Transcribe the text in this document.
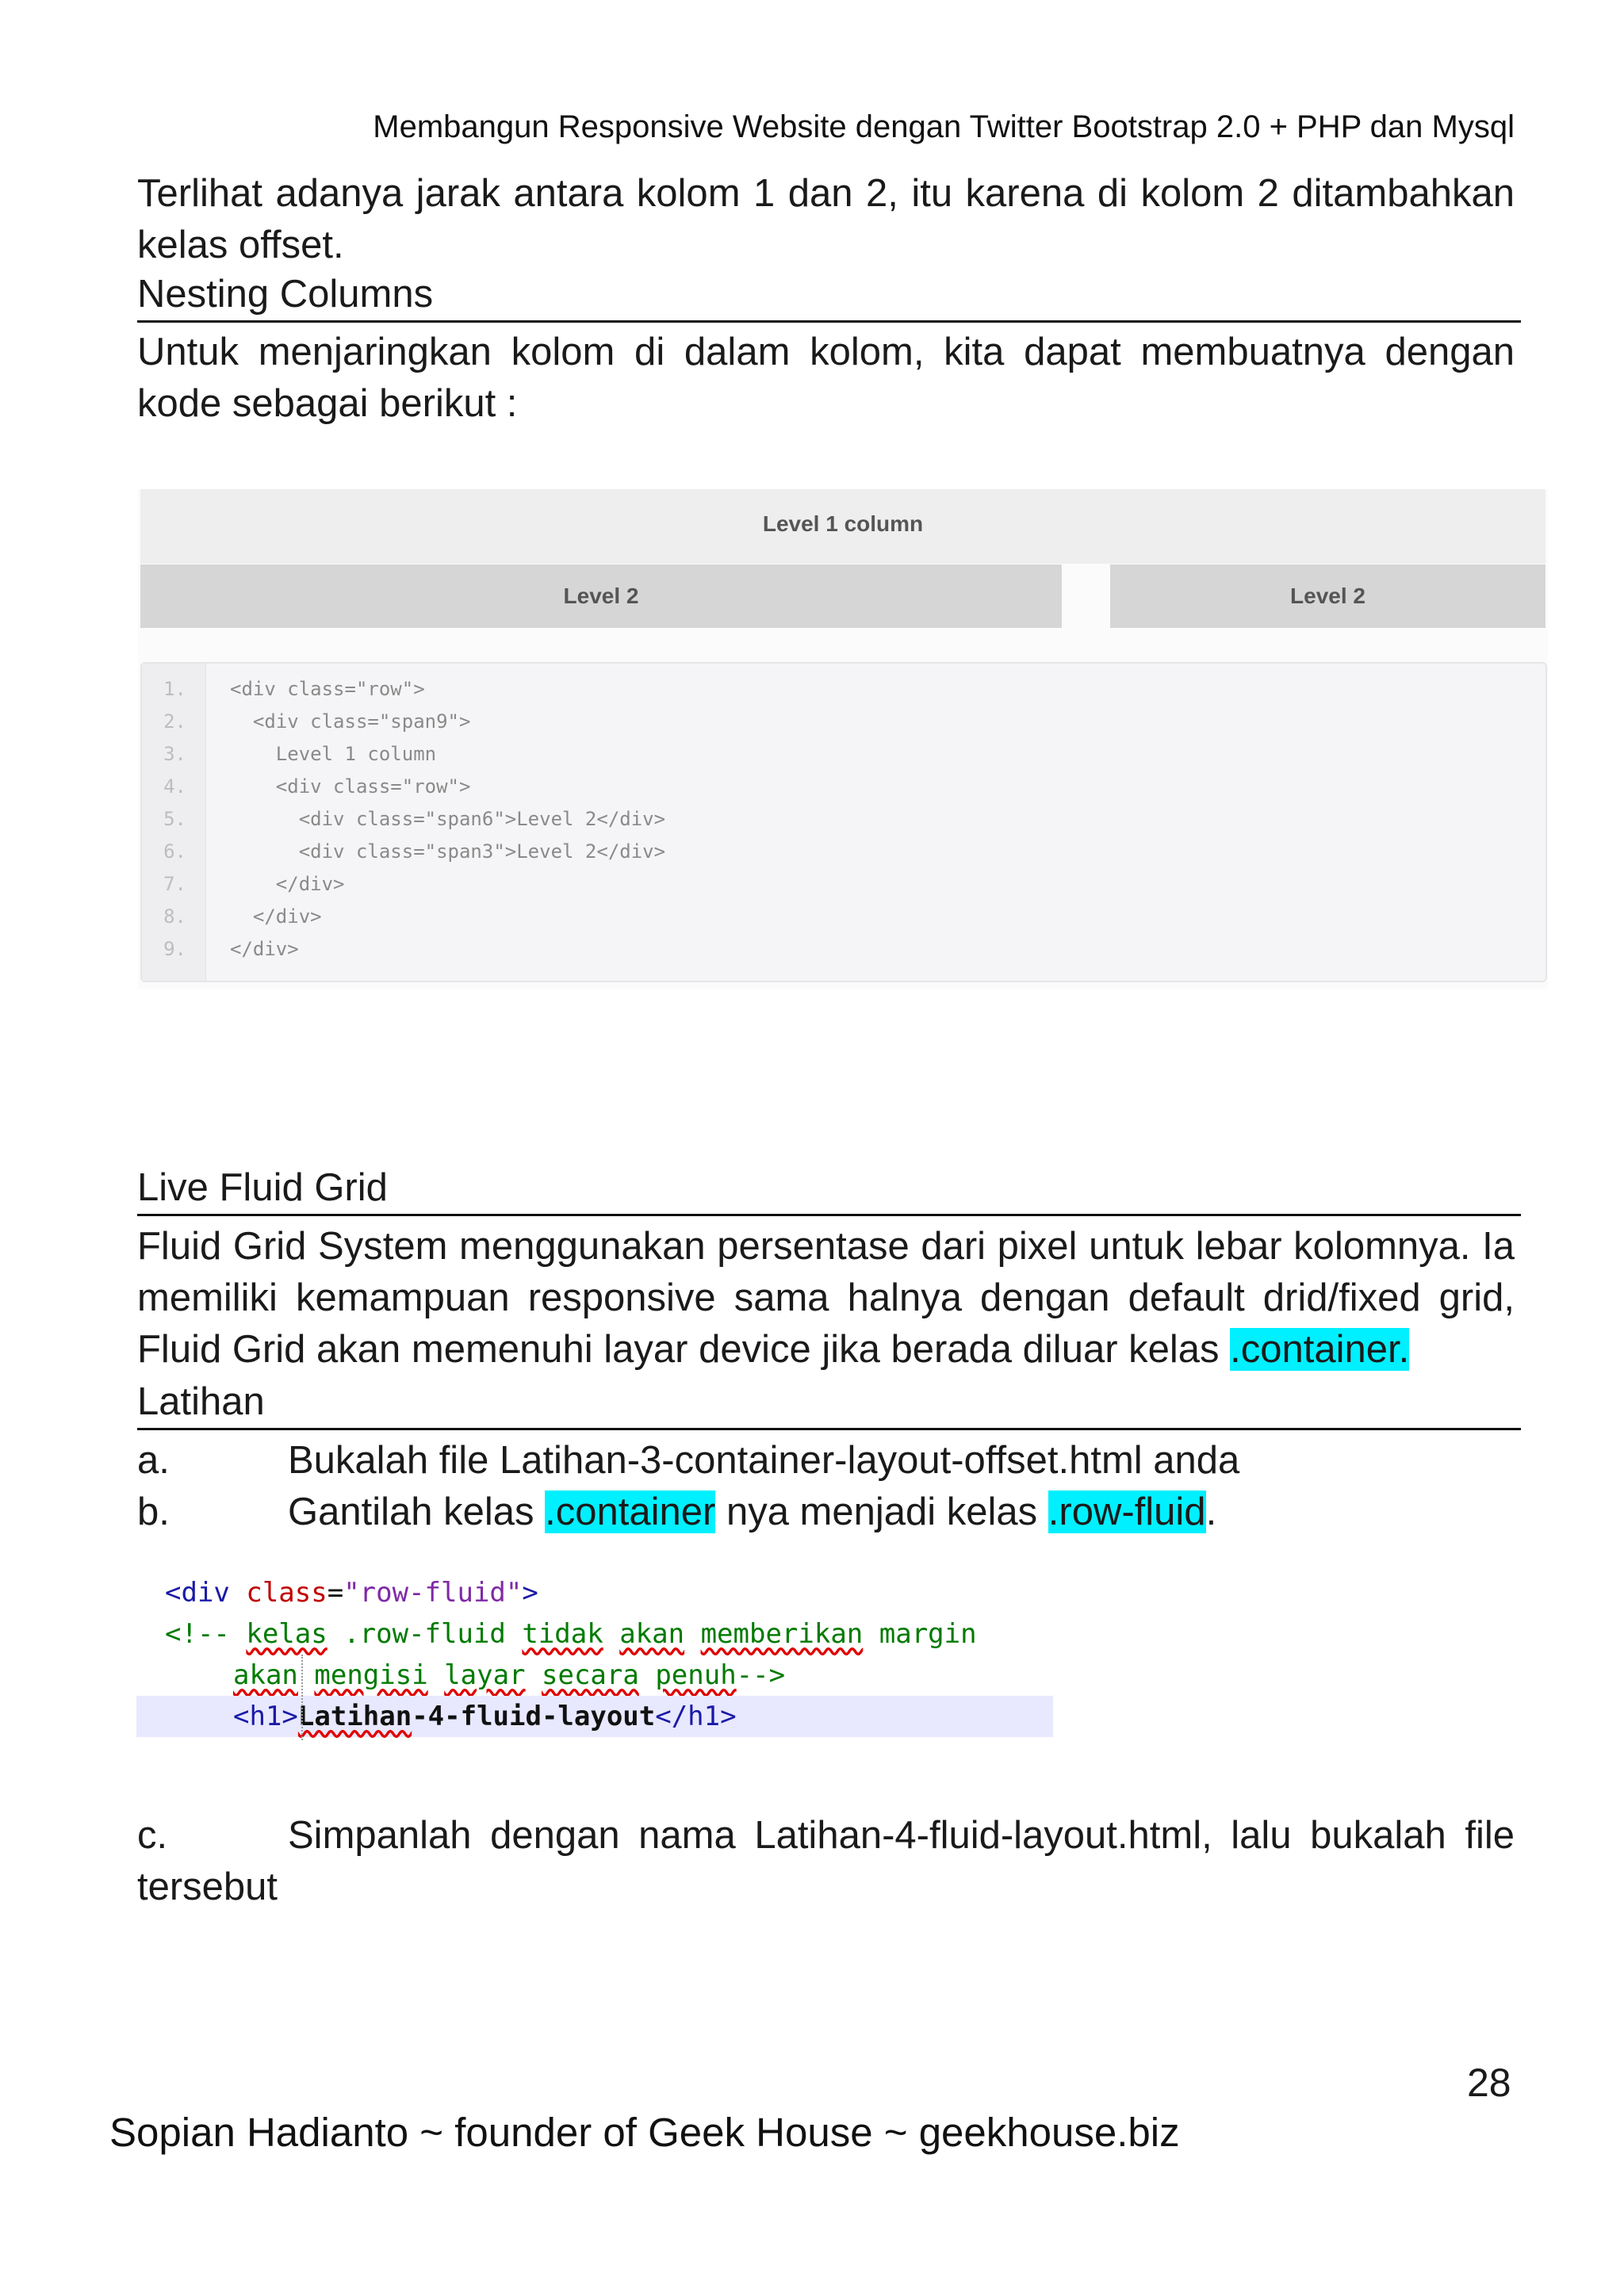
Membangun Responsive Website dengan Twitter Bootstrap 2.0 + PHP dan Mysql
Terlihat adanya jarak antara kolom 1 dan 2, itu karena di kolom 2 ditambahkan kelas offset.
Nesting Columns
Untuk menjaringkan kolom di dalam kolom, kita dapat membuatnya dengan kode sebagai berikut :
Level 1 column
Level 2	Level 2
1. <div class="row">
2. <div class="span9">
3. Level 1 column
4. <div class="row">
5. <div class="span6">Level 2</div>
6. <div class="span3">Level 2</div>
7. </div>
8. </div>
9. </div>
Live Fluid Grid
Fluid Grid System menggunakan persentase dari pixel untuk lebar kolomnya. Ia memiliki kemampuan responsive sama halnya dengan default drid/fixed grid, Fluid Grid akan memenuhi layar device jika berada diluar kelas .container.
Latihan
a.	Bukalah file Latihan-3-container-layout-offset.html anda
b.	Gantilah kelas .container nya menjadi kelas .row-fluid.
<div class="row-fluid">
<!-- kelas .row-fluid tidak akan memberikan margin
akan mengisi layar secara penuh-->
<h1>Latihan-4-fluid-layout</h1>
c.	Simpanlah dengan nama Latihan-4-fluid-layout.html, lalu bukalah file tersebut
28
Sopian Hadianto ~ founder of Geek House ~ geekhouse.biz
